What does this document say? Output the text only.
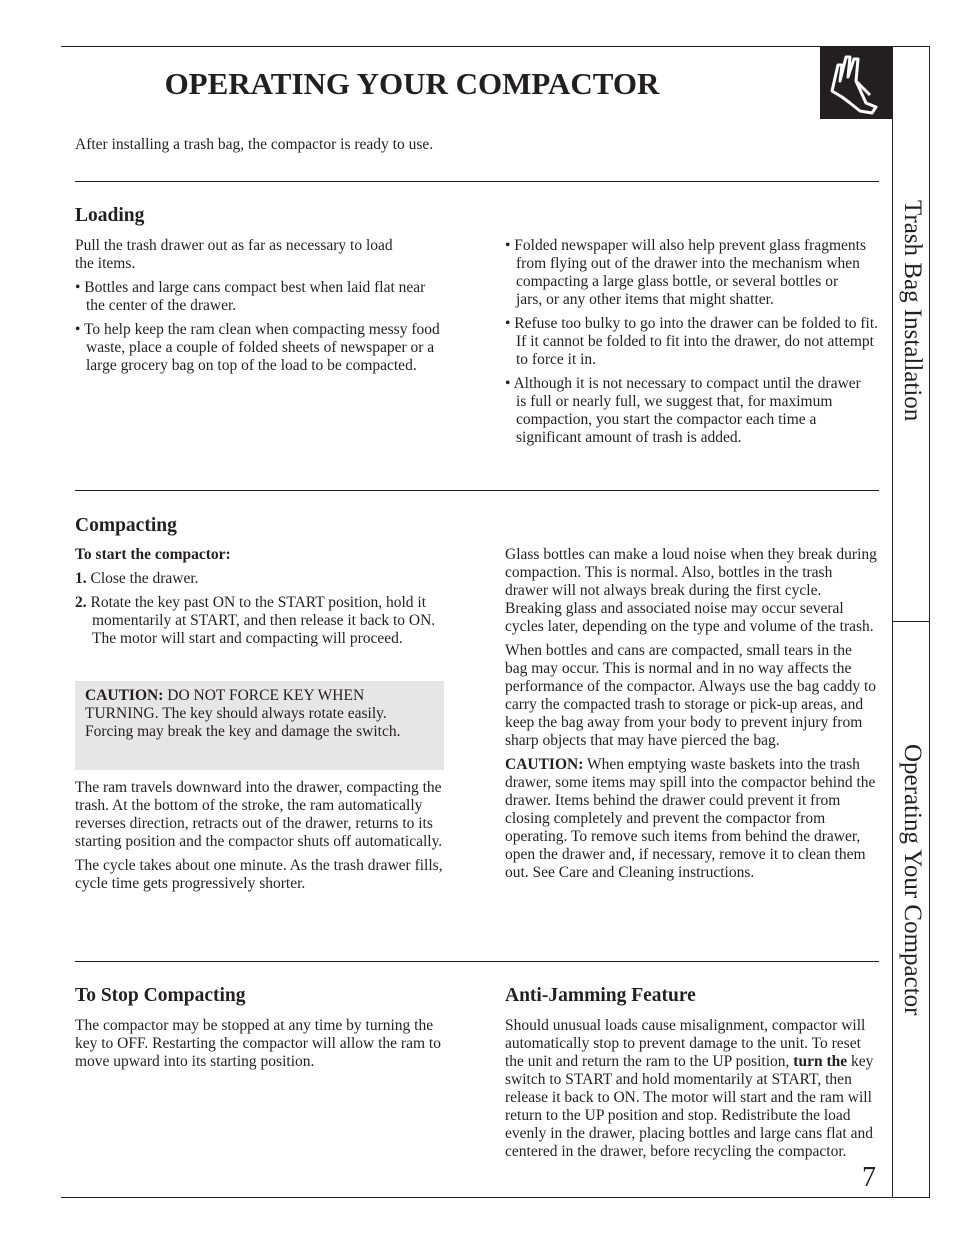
OPERATING YOUR COMPACTOR
After installing a trash bag, the compactor is ready to use.
Loading

Pull the trash drawer out as far as necessary to load the items.

• Bottles and large cans compact best when laid flat near the center of the drawer.

• To help keep the ram clean when compacting messy food waste, place a couple of folded sheets of newspaper or a large grocery bag on top of the load to be compacted.

• Folded newspaper will also help prevent glass fragments from flying out of the drawer into the mechanism when compacting a large glass bottle, or several bottles or jars, or any other items that might shatter.

• Refuse too bulky to go into the drawer can be folded to fit. If it cannot be folded to fit into the drawer, do not attempt to force it in.

• Although it is not necessary to compact until the drawer is full or nearly full, we suggest that, for maximum compaction, you start the compactor each time a significant amount of trash is added.

Compacting

To start the compactor:

1. Close the drawer.

2. Rotate the key past ON to the START position, hold it momentarily at START, and then release it back to ON. The motor will start and compacting will proceed.

CAUTION: DO NOT FORCE KEY WHEN TURNING. The key should always rotate easily. Forcing may break the key and damage the switch.

The ram travels downward into the drawer, compacting the trash. At the bottom of the stroke, the ram automatically reverses direction, retracts out of the drawer, returns to its starting position and the compactor shuts off automatically.

The cycle takes about one minute. As the trash drawer fills, cycle time gets progressively shorter.

Glass bottles can make a loud noise when they break during compaction. This is normal. Also, bottles in the trash drawer will not always break during the first cycle. Breaking glass and associated noise may occur several cycles later, depending on the type and volume of the trash.

When bottles and cans are compacted, small tears in the bag may occur. This is normal and in no way affects the performance of the compactor. Always use the bag caddy to carry the compacted trash to storage or pick-up areas, and keep the bag away from your body to prevent injury from sharp objects that may have pierced the bag.

CAUTION: When emptying waste baskets into the trash drawer, some items may spill into the compactor behind the drawer. Items behind the drawer could prevent it from closing completely and prevent the compactor from operating. To remove such items from behind the drawer, open the drawer and, if necessary, remove it to clean them out. See Care and Cleaning instructions.

To Stop Compacting

The compactor may be stopped at any time by turning the key to OFF. Restarting the compactor will allow the ram to move upward into its starting position.

Anti-Jamming Feature

Should unusual loads cause misalignment, compactor will automatically stop to prevent damage to the unit. To reset the unit and return the ram to the UP position, turn the key switch to START and hold momentarily at START, then release it back to ON. The motor will start and the ram will return to the UP position and stop. Redistribute the load evenly in the drawer, placing bottles and large cans flat and centered in the drawer, before recycling the compactor.

Trash Bag Installation
Operating Your Compactor
7
